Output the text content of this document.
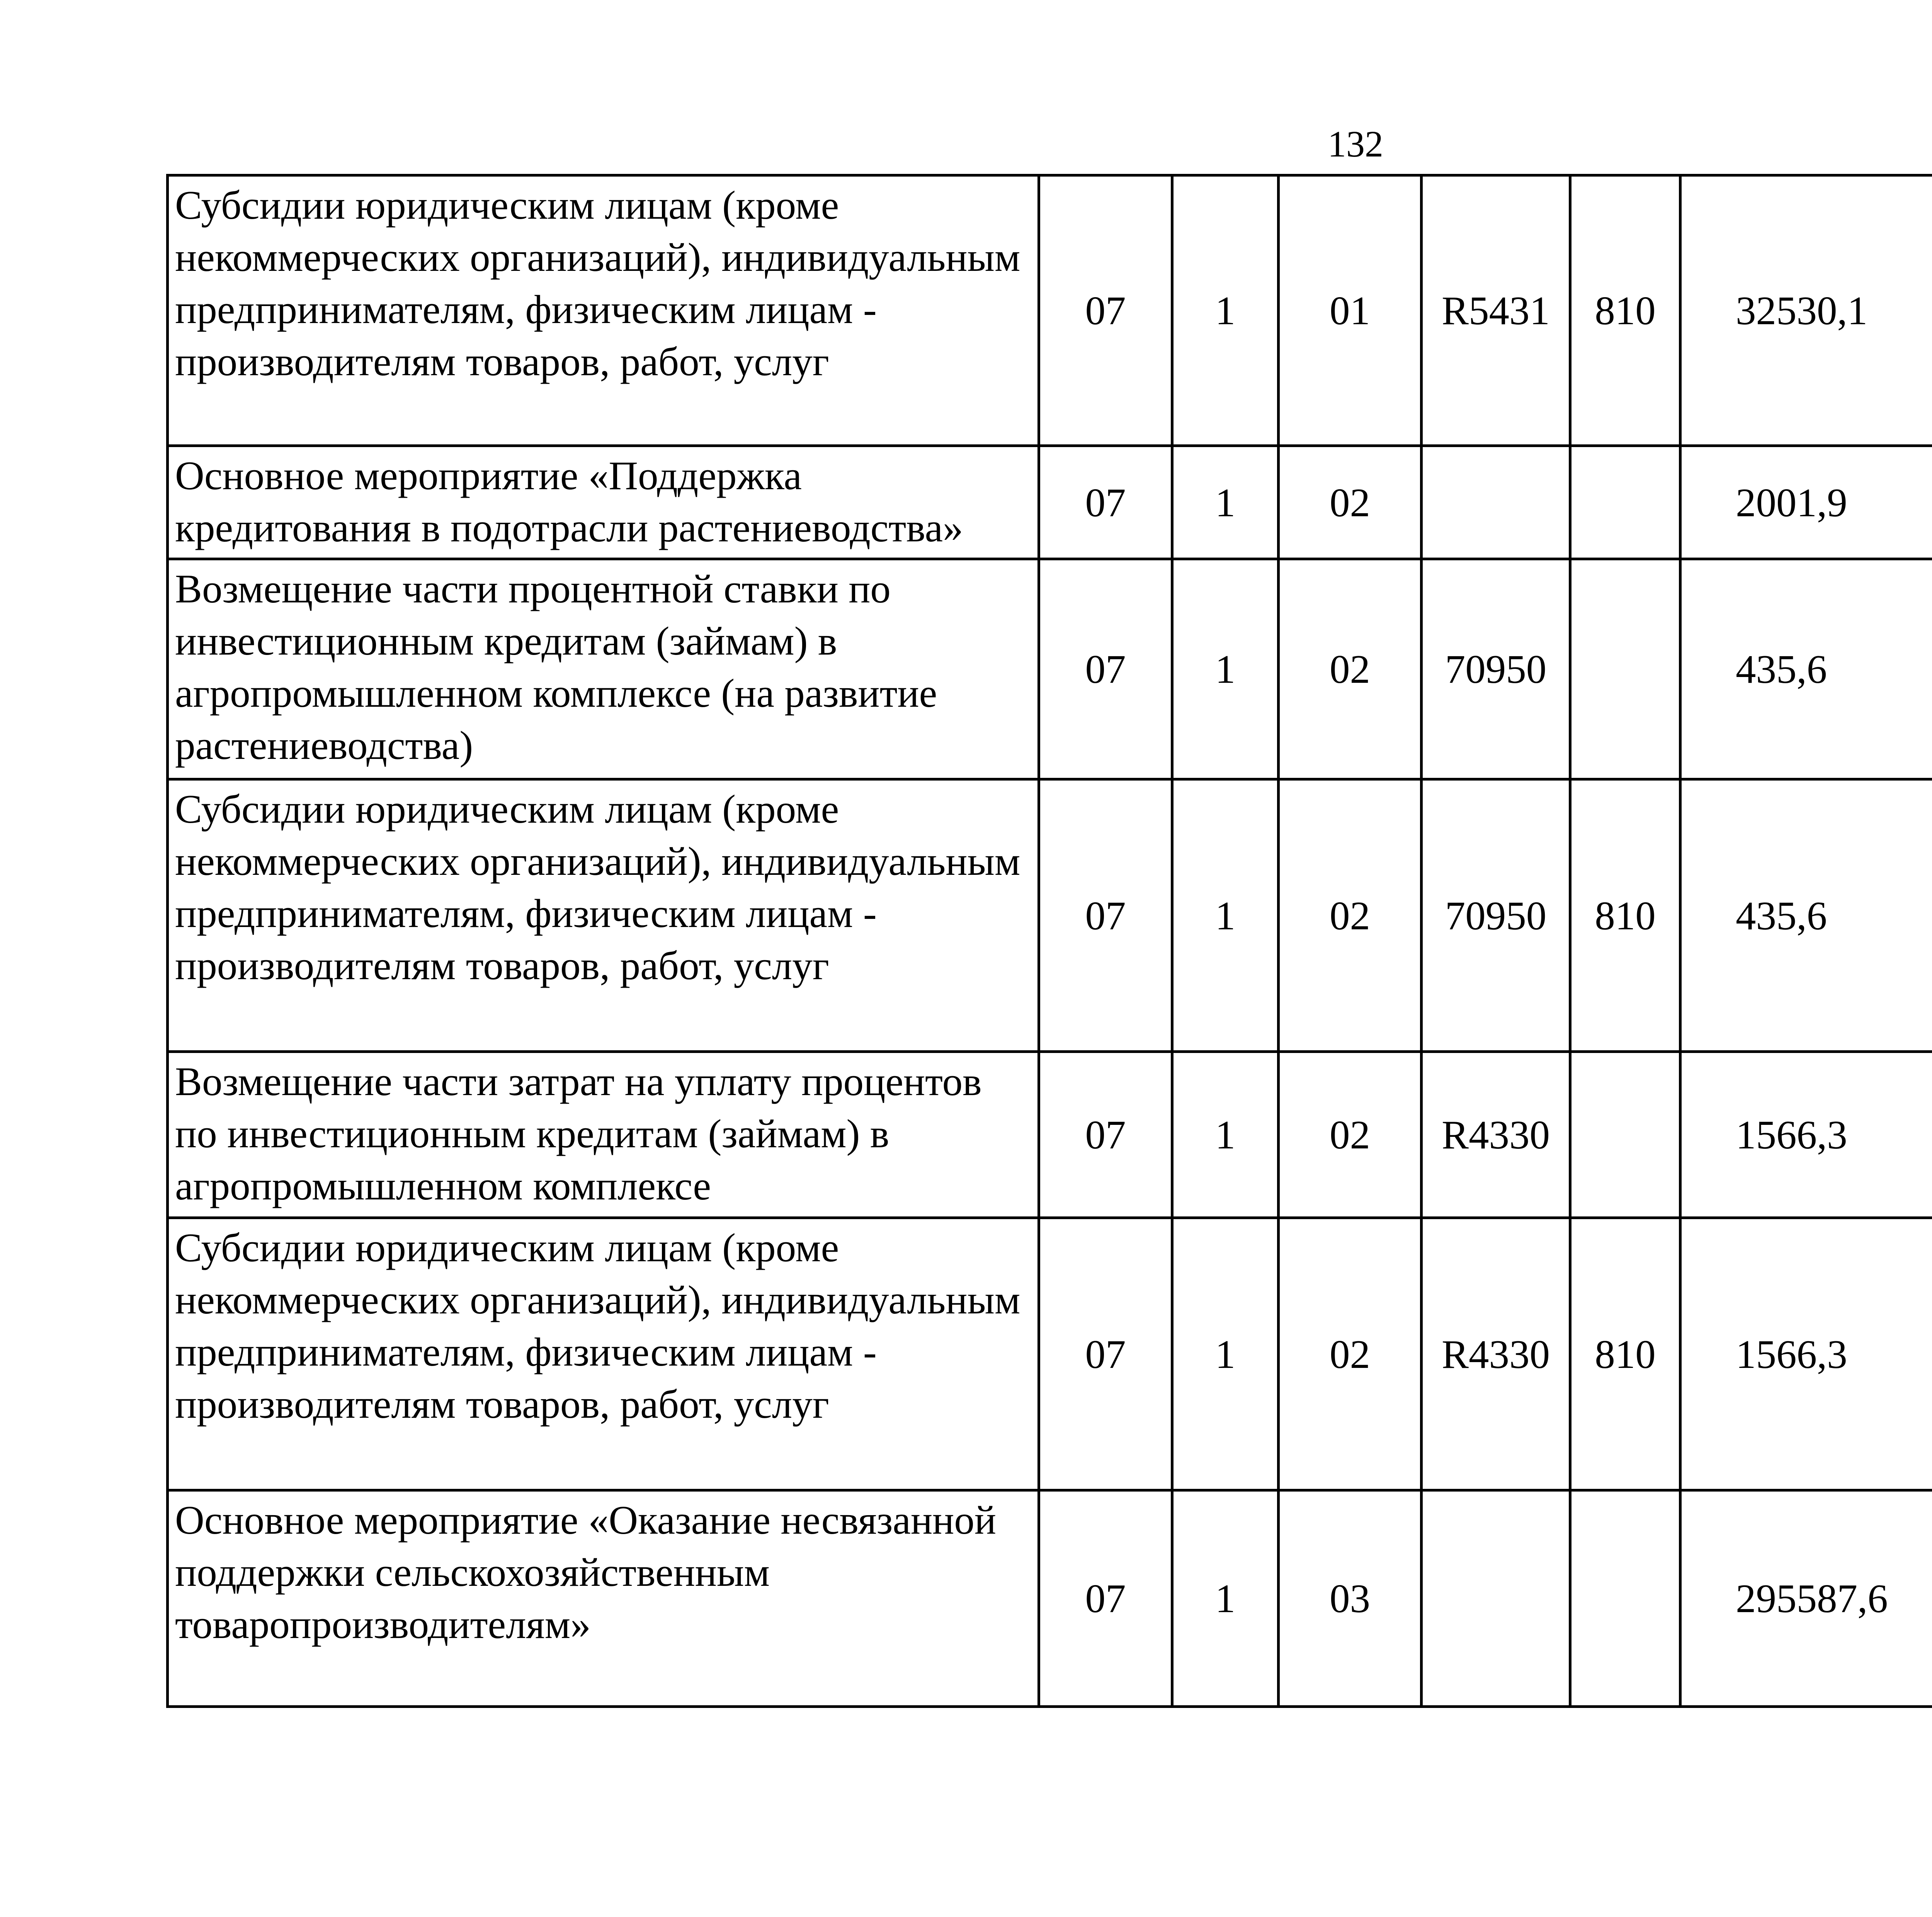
132
Субсидии юридическим лицам (кроме некоммерческих организаций), индивидуальным предпринимателям, физическим лицам - производителям товаров, работ, услуг	07	1	01	R5431	810	32530,1		
Основное мероприятие «Поддержка кредитования в подотрасли растениеводства»	07	1	02			2001,9		
Возмещение части процентной ставки по инвестиционным кредитам (займам) в агропромышленном комплексе (на развитие растениеводства)	07	1	02	70950		435,6		
Субсидии юридическим лицам (кроме некоммерческих организаций), индивидуальным предпринимателям, физическим лицам - производителям товаров, работ, услуг	07	1	02	70950	810	435,6		
Возмещение части затрат на уплату процентов по инвестиционным кредитам (займам) в агропромышленном комплексе	07	1	02	R4330		1566,3		
Субсидии юридическим лицам (кроме некоммерческих организаций), индивидуальным предпринимателям, физическим лицам - производителям товаров, работ, услуг	07	1	02	R4330	810	1566,3		
Основное мероприятие «Оказание несвязанной поддержки сельскохозяйственным товаропроизводителям»	07	1	03			295587,6		
